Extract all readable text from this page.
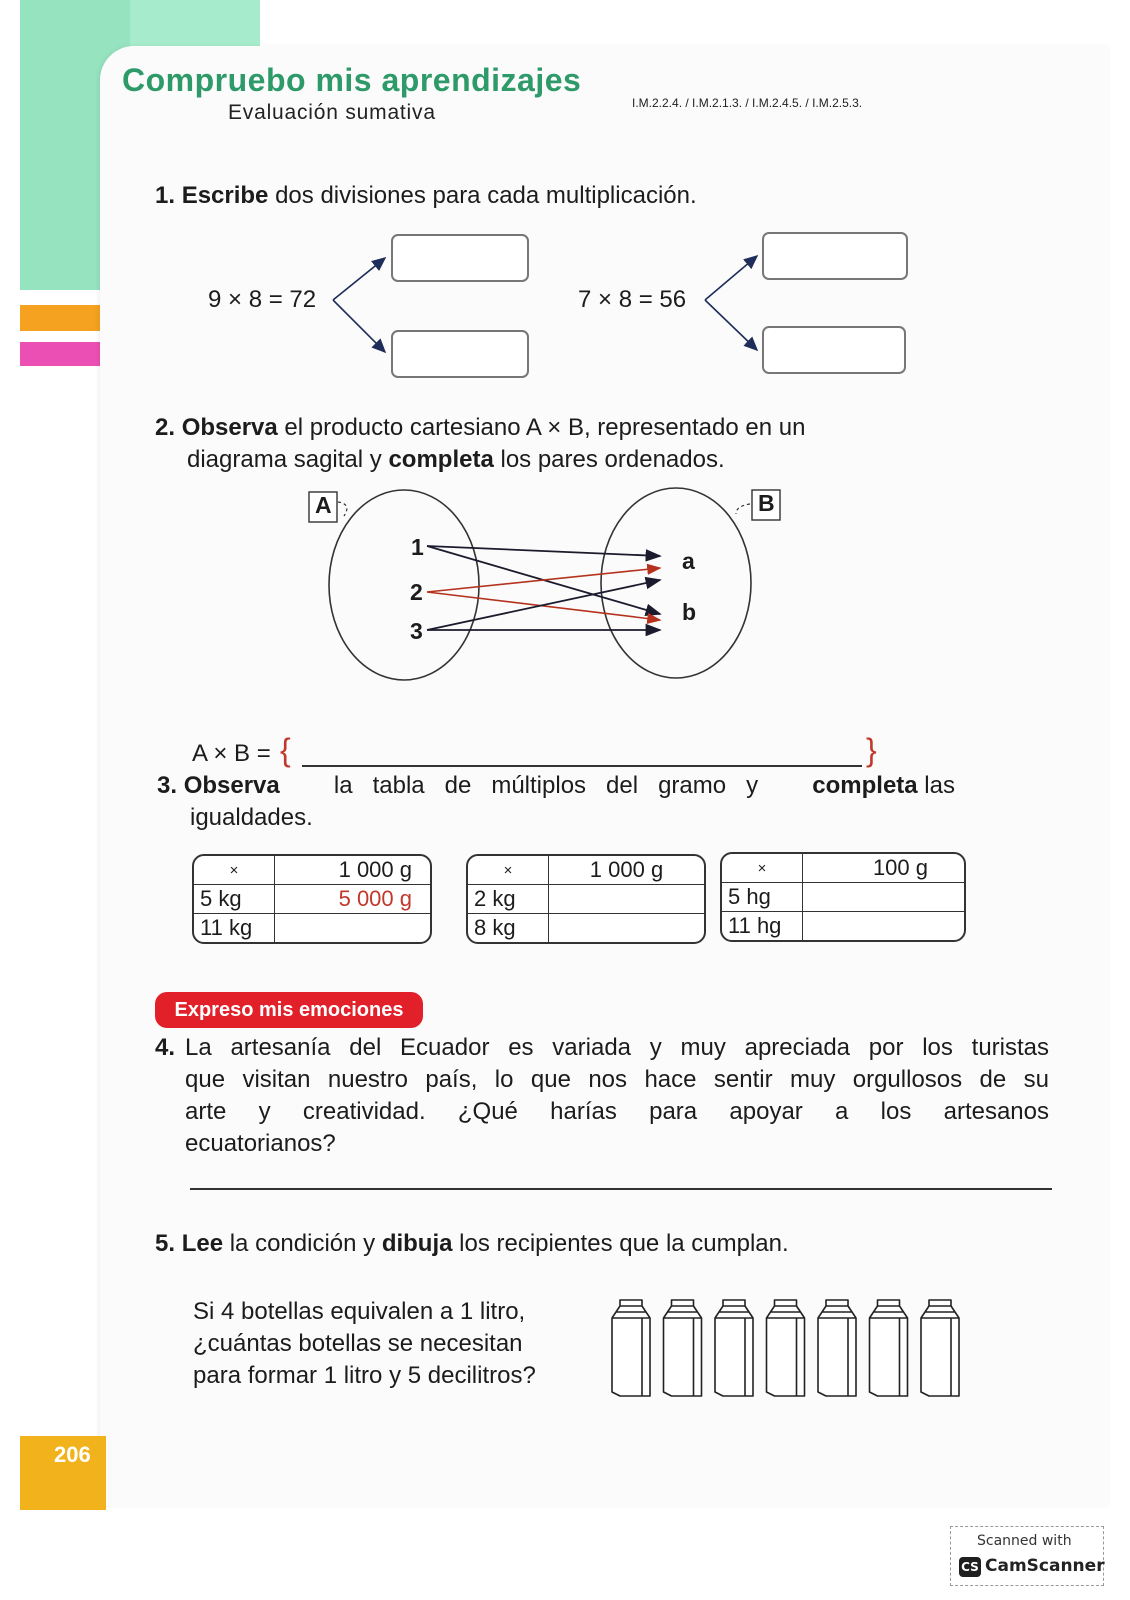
Compruebo mis aprendizajes
Evaluación sumativa	I.M.2.2.4. / I.M.2.1.3. / I.M.2.4.5. / I.M.2.5.3.
1. Escribe dos divisiones para cada multiplicación.
9 × 8 = 72	7 × 8 = 56
2. Observa el producto cartesiano A × B, representado en un
diagrama sagital y completa los pares ordenados.
A	B
1
2
3
a
b
A × B = {	}
3. Observa la   tabla   de   múltiplos   del   gramo   y completa las
igualdades.
×	1 000 g
5 kg	5 000 g
11 kg	
×	1 000 g
2 kg	
8 kg	
×	100 g
5 hg	
11 hg	
Expreso mis emociones
4. La artesanía del Ecuador es variada y muy apreciada por los turistas
que visitan nuestro país, lo que nos hace sentir muy orgullosos de su
arte y creatividad. ¿Qué harías para apoyar a los artesanos
ecuatorianos?
5. Lee la condición y dibuja los recipientes que la cumplan.
Si 4 botellas equivalen a 1 litro,
¿cuántas botellas se necesitan
para formar 1 litro y 5 decilitros?
206
Scanned with
CS CamScanner
